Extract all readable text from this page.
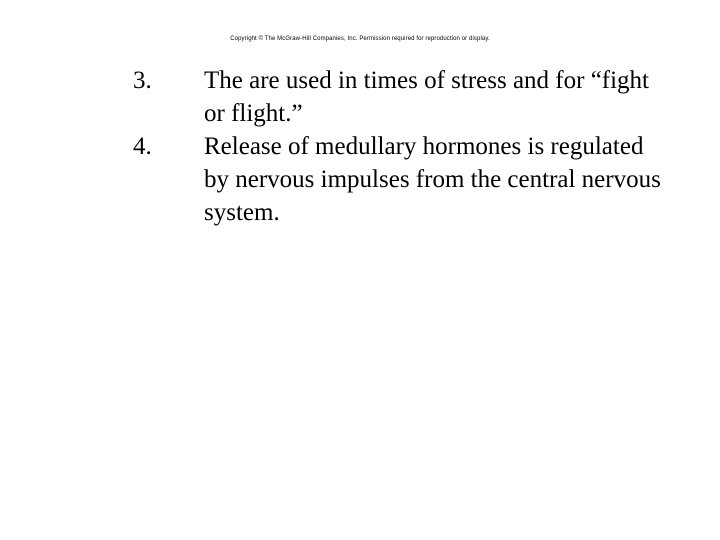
Copyright © The McGraw-Hill Companies, Inc. Permission required for reproduction or display.
3. The are used in times of stress and for “fight or flight.”
4. Release of medullary hormones is regulated by nervous impulses from the central nervous system.
